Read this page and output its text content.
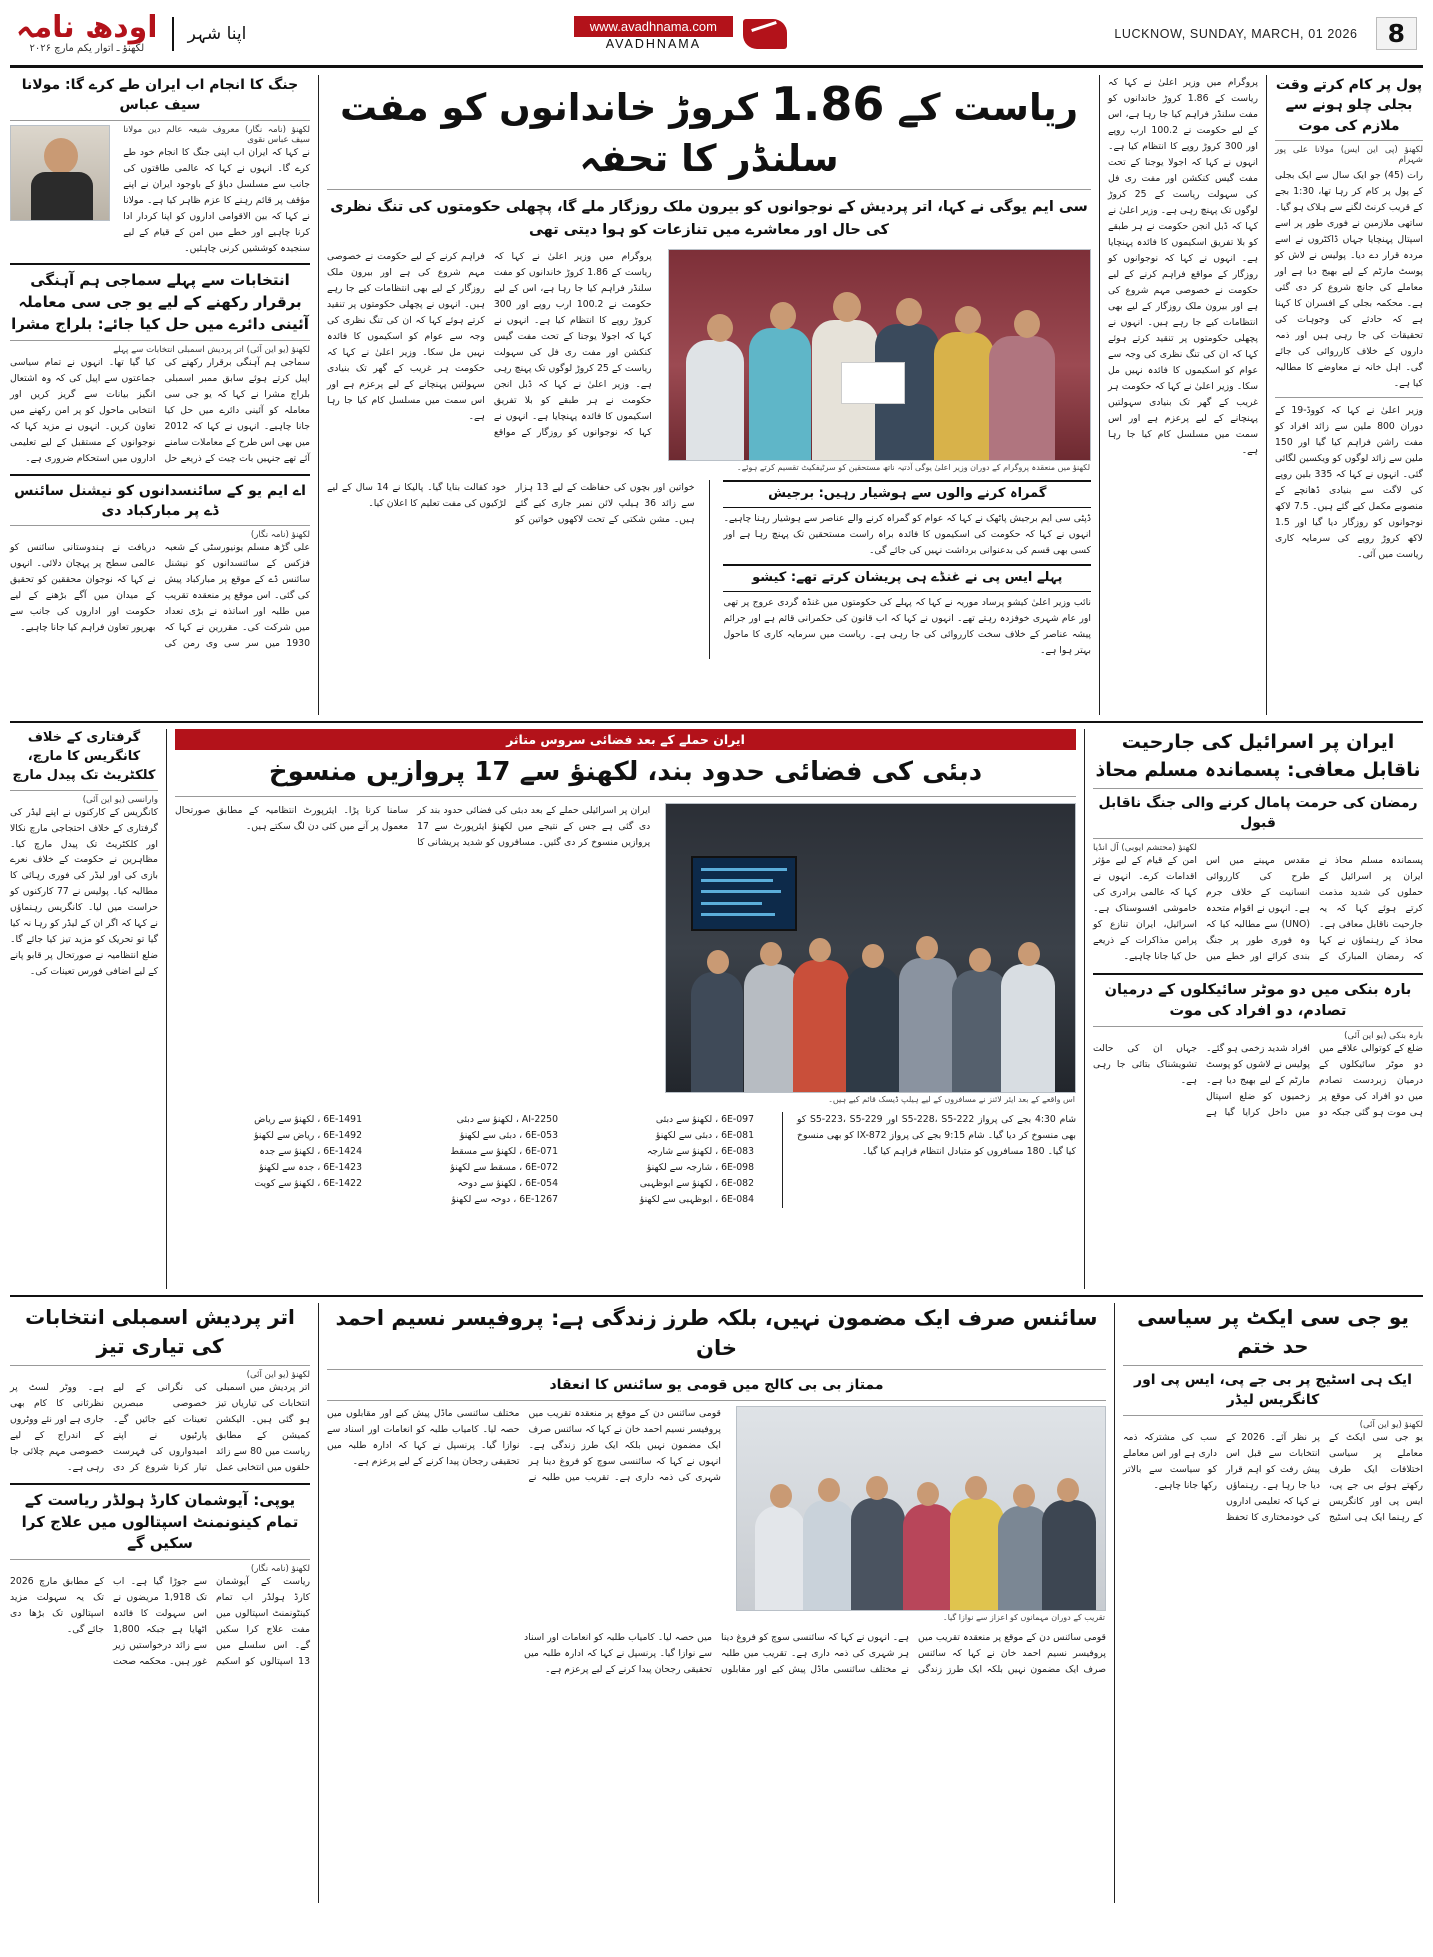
8
LUCKNOW, SUNDAY, MARCH, 01 2026
www.avadhnama.com
AVADHNAMA
اپنا شہر
اودھ نامہ
لکھنؤ ـ اتوار یکم مارچ ۲۰۲۶
پول پر کام کرتے وقت بجلی چلو ہونے سے ملازم کی موت
لکھنؤ (پی این ایس) مولانا علی پور شہرام
رات (45) جو ایک سال سے ایک بجلی کے پول پر کام کر رہا تھا، 1:30 بجے کے قریب کرنٹ لگنے سے ہلاک ہو گیا۔ ساتھی ملازمین نے فوری طور پر اسے اسپتال پہنچایا جہاں ڈاکٹروں نے اسے مردہ قرار دے دیا۔ پولیس نے لاش کو پوسٹ مارٹم کے لیے بھیج دیا ہے اور معاملے کی جانچ شروع کر دی گئی ہے۔ محکمہ بجلی کے افسران کا کہنا ہے کہ حادثے کی وجوہات کی تحقیقات کی جا رہی ہیں اور ذمہ داروں کے خلاف کارروائی کی جائے گی۔ اہل خانہ نے معاوضے کا مطالبہ کیا ہے۔
وزیر اعلیٰ نے کہا کہ کووڈ-19 کے دوران 800 ملین سے زائد افراد کو مفت راشن فراہم کیا گیا اور 150 ملین سے زائد لوگوں کو ویکسین لگائی گئی۔ انہوں نے کہا کہ 335 بلین روپے کی لاگت سے بنیادی ڈھانچے کے منصوبے مکمل کیے گئے ہیں۔ 7.5 لاکھ نوجوانوں کو روزگار دیا گیا اور 1.5 لاکھ کروڑ روپے کی سرمایہ کاری ریاست میں آئی۔
پروگرام میں وزیر اعلیٰ نے کہا کہ ریاست کے 1.86 کروڑ خاندانوں کو مفت سلنڈر فراہم کیا جا رہا ہے، اس کے لیے حکومت نے 100.2 ارب روپے اور 300 کروڑ روپے کا انتظام کیا ہے۔ انہوں نے کہا کہ اجولا یوجنا کے تحت مفت گیس کنکشن اور مفت ری فل کی سہولت ریاست کے 25 کروڑ لوگوں تک پہنچ رہی ہے۔ وزیر اعلیٰ نے کہا کہ ڈبل انجن حکومت نے ہر طبقے کو بلا تفریق اسکیموں کا فائدہ پہنچایا ہے۔ انہوں نے کہا کہ نوجوانوں کو روزگار کے مواقع فراہم کرنے کے لیے حکومت نے خصوصی مہم شروع کی ہے اور بیرون ملک روزگار کے لیے بھی انتظامات کیے جا رہے ہیں۔ انہوں نے پچھلی حکومتوں پر تنقید کرتے ہوئے کہا کہ ان کی تنگ نظری کی وجہ سے عوام کو اسکیموں کا فائدہ نہیں مل سکا۔ وزیر اعلیٰ نے کہا کہ حکومت ہر غریب کے گھر تک بنیادی سہولتیں پہنچانے کے لیے پرعزم ہے اور اس سمت میں مسلسل کام کیا جا رہا ہے۔
ریاست کے 1.86 کروڑ خاندانوں کو مفت سلنڈر کا تحفہ
سی ایم یوگی نے کہا، اتر پردیش کے نوجوانوں کو بیرون ملک روزگار ملے گا، پچھلی حکومتوں کی تنگ نظری کی حال اور معاشرے میں تنازعات کو ہوا دیتی تھی
لکھنؤ میں منعقدہ پروگرام کے دوران وزیر اعلیٰ یوگی آدتیہ ناتھ مستحقین کو سرٹیفکیٹ تقسیم کرتے ہوئے۔
پروگرام میں وزیر اعلیٰ نے کہا کہ ریاست کے 1.86 کروڑ خاندانوں کو مفت سلنڈر فراہم کیا جا رہا ہے، اس کے لیے حکومت نے 100.2 ارب روپے اور 300 کروڑ روپے کا انتظام کیا ہے۔ انہوں نے کہا کہ اجولا یوجنا کے تحت مفت گیس کنکشن اور مفت ری فل کی سہولت ریاست کے 25 کروڑ لوگوں تک پہنچ رہی ہے۔ وزیر اعلیٰ نے کہا کہ ڈبل انجن حکومت نے ہر طبقے کو بلا تفریق اسکیموں کا فائدہ پہنچایا ہے۔ انہوں نے کہا کہ نوجوانوں کو روزگار کے مواقع فراہم کرنے کے لیے حکومت نے خصوصی مہم شروع کی ہے اور بیرون ملک روزگار کے لیے بھی انتظامات کیے جا رہے ہیں۔ انہوں نے پچھلی حکومتوں پر تنقید کرتے ہوئے کہا کہ ان کی تنگ نظری کی وجہ سے عوام کو اسکیموں کا فائدہ نہیں مل سکا۔ وزیر اعلیٰ نے کہا کہ حکومت ہر غریب کے گھر تک بنیادی سہولتیں پہنچانے کے لیے پرعزم ہے اور اس سمت میں مسلسل کام کیا جا رہا ہے۔
گمراہ کرنے والوں سے ہوشیار رہیں: برجیش
ڈپٹی سی ایم برجیش پاٹھک نے کہا کہ عوام کو گمراہ کرنے والے عناصر سے ہوشیار رہنا چاہیے۔ انہوں نے کہا کہ حکومت کی اسکیموں کا فائدہ براہ راست مستحقین تک پہنچ رہا ہے اور کسی بھی قسم کی بدعنوانی برداشت نہیں کی جائے گی۔
پہلے ایس پی نے غنڈے ہی پریشان کرتے تھے: کیشو
نائب وزیر اعلیٰ کیشو پرساد موریہ نے کہا کہ پہلے کی حکومتوں میں غنڈہ گردی عروج پر تھی اور عام شہری خوفزدہ رہتے تھے۔ انہوں نے کہا کہ اب قانون کی حکمرانی قائم ہے اور جرائم پیشہ عناصر کے خلاف سخت کارروائی کی جا رہی ہے۔ ریاست میں سرمایہ کاری کا ماحول بہتر ہوا ہے۔
خواتین اور بچوں کی حفاظت کے لیے 13 ہزار سے زائد 36 ہیلپ لائن نمبر جاری کیے گئے ہیں۔ مشن شکتی کے تحت لاکھوں خواتین کو خود کفالت بنایا گیا۔ پالیکا نے 14 سال کے لیے لڑکیوں کی مفت تعلیم کا اعلان کیا۔
جنگ کا انجام اب ایران طے کرے گا: مولانا سیف عباس
لکھنؤ (نامہ نگار) معروف شیعہ عالم دین مولانا سیف عباس نقوی
نے کہا کہ ایران اب اپنی جنگ کا انجام خود طے کرے گا۔ انہوں نے کہا کہ عالمی طاقتوں کی جانب سے مسلسل دباؤ کے باوجود ایران نے اپنے مؤقف پر قائم رہنے کا عزم ظاہر کیا ہے۔ مولانا نے کہا کہ بین الاقوامی اداروں کو اپنا کردار ادا کرنا چاہیے اور خطے میں امن کے قیام کے لیے سنجیدہ کوششیں کرنی چاہئیں۔
انتخابات سے پہلے سماجی ہم آہنگی برقرار رکھنے کے لیے یو جی سی معاملہ آئینی دائرے میں حل کیا جائے: بلراج مشرا
لکھنؤ (یو این آئی) اتر پردیش اسمبلی انتخابات سے پہلے
سماجی ہم آہنگی برقرار رکھنے کی اپیل کرتے ہوئے سابق ممبر اسمبلی بلراج مشرا نے کہا کہ یو جی سی معاملہ کو آئینی دائرے میں حل کیا جانا چاہیے۔ انہوں نے کہا کہ 2012 میں بھی اس طرح کے معاملات سامنے آئے تھے جنہیں بات چیت کے ذریعے حل کیا گیا تھا۔ انہوں نے تمام سیاسی جماعتوں سے اپیل کی کہ وہ اشتعال انگیز بیانات سے گریز کریں اور انتخابی ماحول کو پر امن رکھنے میں تعاون کریں۔ انہوں نے مزید کہا کہ نوجوانوں کے مستقبل کے لیے تعلیمی اداروں میں استحکام ضروری ہے۔
اے ایم یو کے سائنسدانوں کو نیشنل سائنس ڈے پر مبارکباد دی
لکھنؤ (نامہ نگار)
علی گڑھ مسلم یونیورسٹی کے شعبہ فزکس کے سائنسدانوں کو نیشنل سائنس ڈے کے موقع پر مبارکباد پیش کی گئی۔ اس موقع پر منعقدہ تقریب میں طلبہ اور اساتذہ نے بڑی تعداد میں شرکت کی۔ مقررین نے کہا کہ 1930 میں سر سی وی رمن کی دریافت نے ہندوستانی سائنس کو عالمی سطح پر پہچان دلائی۔ انہوں نے کہا کہ نوجوان محققین کو تحقیق کے میدان میں آگے بڑھنے کے لیے حکومت اور اداروں کی جانب سے بھرپور تعاون فراہم کیا جانا چاہیے۔
ایران پر اسرائیل کی جارحیت ناقابل معافی: پسماندہ مسلم محاذ
رمضان کی حرمت پامال کرنے والی جنگ ناقابل قبول
لکھنؤ (محتشم ایوبی) آل انڈیا
پسماندہ مسلم محاذ نے ایران پر اسرائیل کے حملوں کی شدید مذمت کرتے ہوئے کہا کہ یہ جارحیت ناقابل معافی ہے۔ محاذ کے رہنماؤں نے کہا کہ رمضان المبارک کے مقدس مہینے میں اس طرح کی کارروائی انسانیت کے خلاف جرم ہے۔ انہوں نے اقوام متحدہ (UNO) سے مطالبہ کیا کہ وہ فوری طور پر جنگ بندی کرائے اور خطے میں امن کے قیام کے لیے مؤثر اقدامات کرے۔ انہوں نے کہا کہ عالمی برادری کی خاموشی افسوسناک ہے۔ اسرائیل، ایران تنازع کو پرامن مذاکرات کے ذریعے حل کیا جانا چاہیے۔
بارہ بنکی میں دو موٹر سائیکلوں کے درمیان تصادم، دو افراد کی موت
بارہ بنکی (یو این آئی)
ضلع کے کوتوالی علاقے میں دو موٹر سائیکلوں کے درمیان زبردست تصادم میں دو افراد کی موقع پر ہی موت ہو گئی جبکہ دو افراد شدید زخمی ہو گئے۔ پولیس نے لاشوں کو پوسٹ مارٹم کے لیے بھیج دیا ہے۔ زخمیوں کو ضلع اسپتال میں داخل کرایا گیا ہے جہاں ان کی حالت تشویشناک بتائی جا رہی ہے۔
ایران حملے کے بعد فضائی سروس متاثر
دبئی کی فضائی حدود بند، لکھنؤ سے 17 پروازیں منسوخ
اس واقعے کے بعد ایئر لائنز نے مسافروں کے لیے ہیلپ ڈیسک قائم کیے ہیں۔
ایران پر اسرائیلی حملے کے بعد دبئی کی فضائی حدود بند کر دی گئی ہے جس کے نتیجے میں لکھنؤ ایئرپورٹ سے 17 پروازیں منسوخ کر دی گئیں۔ مسافروں کو شدید پریشانی کا سامنا کرنا پڑا۔ ایئرپورٹ انتظامیہ کے مطابق صورتحال معمول پر آنے میں کئی دن لگ سکتے ہیں۔
شام 4:30 بجے کی پرواز S5-228، S5-222 اور S5-223، S5-229 کو بھی منسوخ کر دیا گیا۔ شام 9:15 بجے کی پرواز IX-872 کو بھی منسوخ کیا گیا۔ 180 مسافروں کو متبادل انتظام فراہم کیا گیا۔
6E-097 ، لکھنؤ سے دبئی
6E-081 ، دبئی سے لکھنؤ
6E-083 ، لکھنؤ سے شارجہ
6E-098 ، شارجہ سے لکھنؤ
6E-082 ، لکھنؤ سے ابوظہبی
6E-084 ، ابوظہبی سے لکھنؤ
AI-2250 ، لکھنؤ سے دبئی
6E-053 ، دبئی سے لکھنؤ
6E-071 ، لکھنؤ سے مسقط
6E-072 ، مسقط سے لکھنؤ
6E-054 ، لکھنؤ سے دوحہ
6E-1267 ، دوحہ سے لکھنؤ
6E-1491 ، لکھنؤ سے ریاض
6E-1492 ، ریاض سے لکھنؤ
6E-1424 ، لکھنؤ سے جدہ
6E-1423 ، جدہ سے لکھنؤ
6E-1422 ، لکھنؤ سے کویت
گرفتاری کے خلاف کانگریس کا مارچ، کلکٹریٹ تک پیدل مارچ
وارانسی (یو این آئی)
کانگریس کے کارکنوں نے اپنے لیڈر کی گرفتاری کے خلاف احتجاجی مارچ نکالا اور کلکٹریٹ تک پیدل مارچ کیا۔ مظاہرین نے حکومت کے خلاف نعرے بازی کی اور لیڈر کی فوری رہائی کا مطالبہ کیا۔ پولیس نے 77 کارکنوں کو حراست میں لیا۔ کانگریس رہنماؤں نے کہا کہ اگر ان کے لیڈر کو رہا نہ کیا گیا تو تحریک کو مزید تیز کیا جائے گا۔ ضلع انتظامیہ نے صورتحال پر قابو پانے کے لیے اضافی فورس تعینات کی۔
یو جی سی ایکٹ پر سیاسی حد ختم
ایک ہی اسٹیج پر بی جے پی، ایس پی اور کانگریس لیڈر
لکھنؤ (یو این آئی)
یو جی سی ایکٹ کے معاملے پر سیاسی اختلافات ایک طرف رکھتے ہوئے بی جے پی، ایس پی اور کانگریس کے رہنما ایک ہی اسٹیج پر نظر آئے۔ 2026 کے انتخابات سے قبل اس پیش رفت کو اہم قرار دیا جا رہا ہے۔ رہنماؤں نے کہا کہ تعلیمی اداروں کی خودمختاری کا تحفظ سب کی مشترکہ ذمہ داری ہے اور اس معاملے کو سیاست سے بالاتر رکھا جانا چاہیے۔
سائنس صرف ایک مضمون نہیں، بلکہ طرز زندگی ہے: پروفیسر نسیم احمد خان
ممتاز بی بی کالج میں قومی یو سائنس کا انعقاد
تقریب کے دوران مہمانوں کو اعزاز سے نوازا گیا۔
قومی سائنس دن کے موقع پر منعقدہ تقریب میں پروفیسر نسیم احمد خان نے کہا کہ سائنس صرف ایک مضمون نہیں بلکہ ایک طرز زندگی ہے۔ انہوں نے کہا کہ سائنسی سوچ کو فروغ دینا ہر شہری کی ذمہ داری ہے۔ تقریب میں طلبہ نے مختلف سائنسی ماڈل پیش کیے اور مقابلوں میں حصہ لیا۔ کامیاب طلبہ کو انعامات اور اسناد سے نوازا گیا۔ پرنسپل نے کہا کہ ادارہ طلبہ میں تحقیقی رجحان پیدا کرنے کے لیے پرعزم ہے۔
قومی سائنس دن کے موقع پر منعقدہ تقریب میں پروفیسر نسیم احمد خان نے کہا کہ سائنس صرف ایک مضمون نہیں بلکہ ایک طرز زندگی ہے۔ انہوں نے کہا کہ سائنسی سوچ کو فروغ دینا ہر شہری کی ذمہ داری ہے۔ تقریب میں طلبہ نے مختلف سائنسی ماڈل پیش کیے اور مقابلوں میں حصہ لیا۔ کامیاب طلبہ کو انعامات اور اسناد سے نوازا گیا۔ پرنسپل نے کہا کہ ادارہ طلبہ میں تحقیقی رجحان پیدا کرنے کے لیے پرعزم ہے۔
اتر پردیش اسمبلی انتخابات کی تیاری تیز
لکھنؤ (یو این آئی)
اتر پردیش میں اسمبلی انتخابات کی تیاریاں تیز ہو گئی ہیں۔ الیکشن کمیشن کے مطابق ریاست میں 80 سے زائد حلقوں میں انتخابی عمل کی نگرانی کے لیے خصوصی مبصرین تعینات کیے جائیں گے۔ پارٹیوں نے اپنے امیدواروں کی فہرست تیار کرنا شروع کر دی ہے۔ ووٹر لسٹ پر نظرثانی کا کام بھی جاری ہے اور نئے ووٹروں کے اندراج کے لیے خصوصی مہم چلائی جا رہی ہے۔
یوپی: آیوشمان کارڈ ہولڈر ریاست کے تمام کینونمنٹ اسپتالوں میں علاج کرا سکیں گے
لکھنؤ (نامہ نگار)
ریاست کے آیوشمان کارڈ ہولڈر اب تمام کینٹونمنٹ اسپتالوں میں مفت علاج کرا سکیں گے۔ اس سلسلے میں 13 اسپتالوں کو اسکیم سے جوڑا گیا ہے۔ اب تک 1,918 مریضوں نے اس سہولت کا فائدہ اٹھایا ہے جبکہ 1,800 سے زائد درخواستیں زیر غور ہیں۔ محکمہ صحت کے مطابق مارچ 2026 تک یہ سہولت مزید اسپتالوں تک بڑھا دی جائے گی۔
